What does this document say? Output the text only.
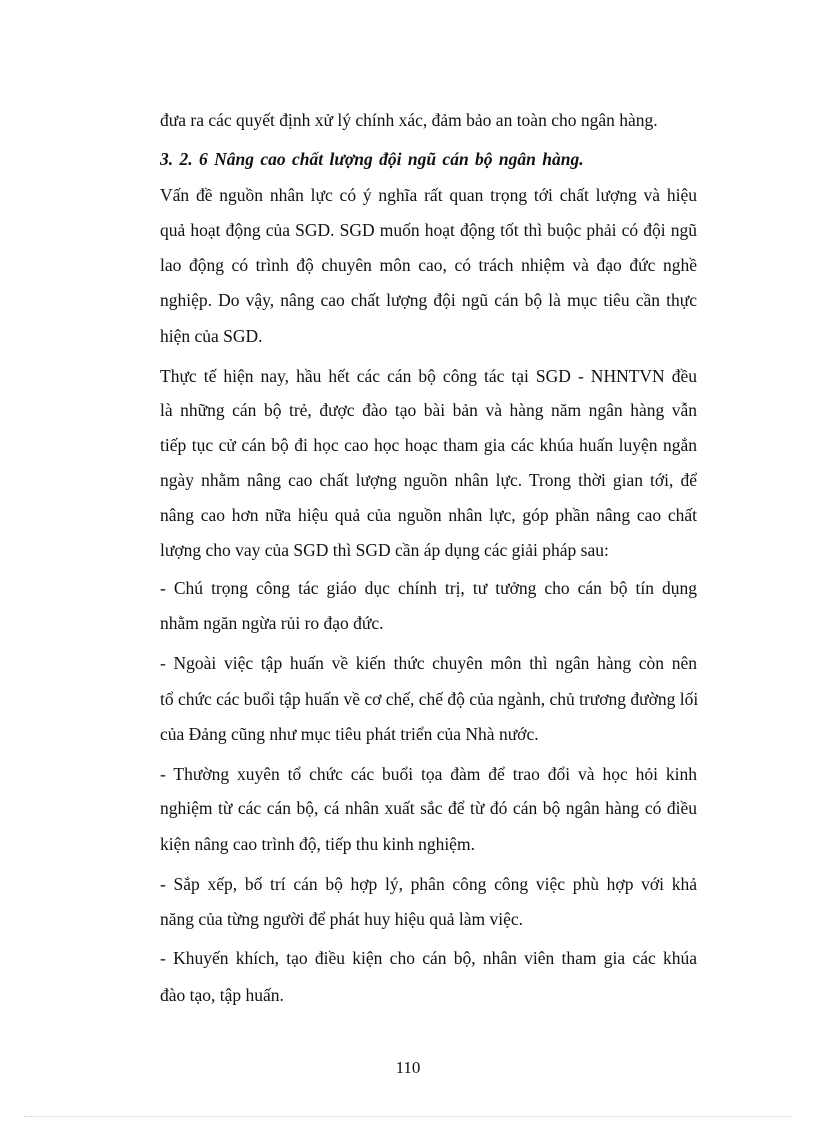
đưa ra các quyết định xử lý chính xác, đảm bảo an toàn cho ngân hàng.
3. 2. 6 Nâng cao chất lượng đội ngũ cán bộ ngân hàng.
Vấn đề nguồn nhân lực có ý nghĩa rất quan trọng tới chất lượng và hiệu
quả hoạt động của SGD. SGD muốn hoạt động tốt thì buộc phải có đội ngũ
lao động có trình độ chuyên môn cao, có trách nhiệm và đạo đức nghề
nghiệp. Do vậy, nâng cao chất lượng đội ngũ cán bộ là mục tiêu cần thực
hiện của SGD.
Thực tế hiện nay, hầu hết các cán bộ công tác tại SGD - NHNTVN đều
là những cán bộ trẻ, được đào tạo bài bản và hàng năm ngân hàng vẫn
tiếp tục cử cán bộ đi học cao học hoạc tham gia các khúa huấn luyện ngắn
ngày nhằm nâng cao chất lượng nguồn nhân lực. Trong thời gian tới, để
nâng cao hơn nữa hiệu quả của nguồn nhân lực, góp phần nâng cao chất
lượng cho vay của SGD thì SGD cần áp dụng các giải pháp sau:
- Chú trọng công tác giáo dục chính trị, tư tưởng cho cán bộ tín dụng
nhằm ngăn ngừa rủi ro đạo đức.
- Ngoài việc tập huấn về kiến thức chuyên môn thì ngân hàng còn nên
tổ chức các buổi tập huấn về cơ chế, chế độ của ngành, chủ trương đường lối
của Đảng cũng như mục tiêu phát triển của Nhà nước.
- Thường xuyên tổ chức các buổi tọa đàm để trao đổi và học hỏi kinh
nghiệm từ các cán bộ, cá nhân xuất sắc để từ đó cán bộ ngân hàng có điều
kiện nâng cao trình độ, tiếp thu kinh nghiệm.
- Sắp xếp, bố trí cán bộ hợp lý, phân công công việc phù hợp với khả
năng của từng người để phát huy hiệu quả làm việc.
- Khuyến khích, tạo điều kiện cho cán bộ, nhân viên tham gia các khúa
đào tạo, tập huấn.
110
